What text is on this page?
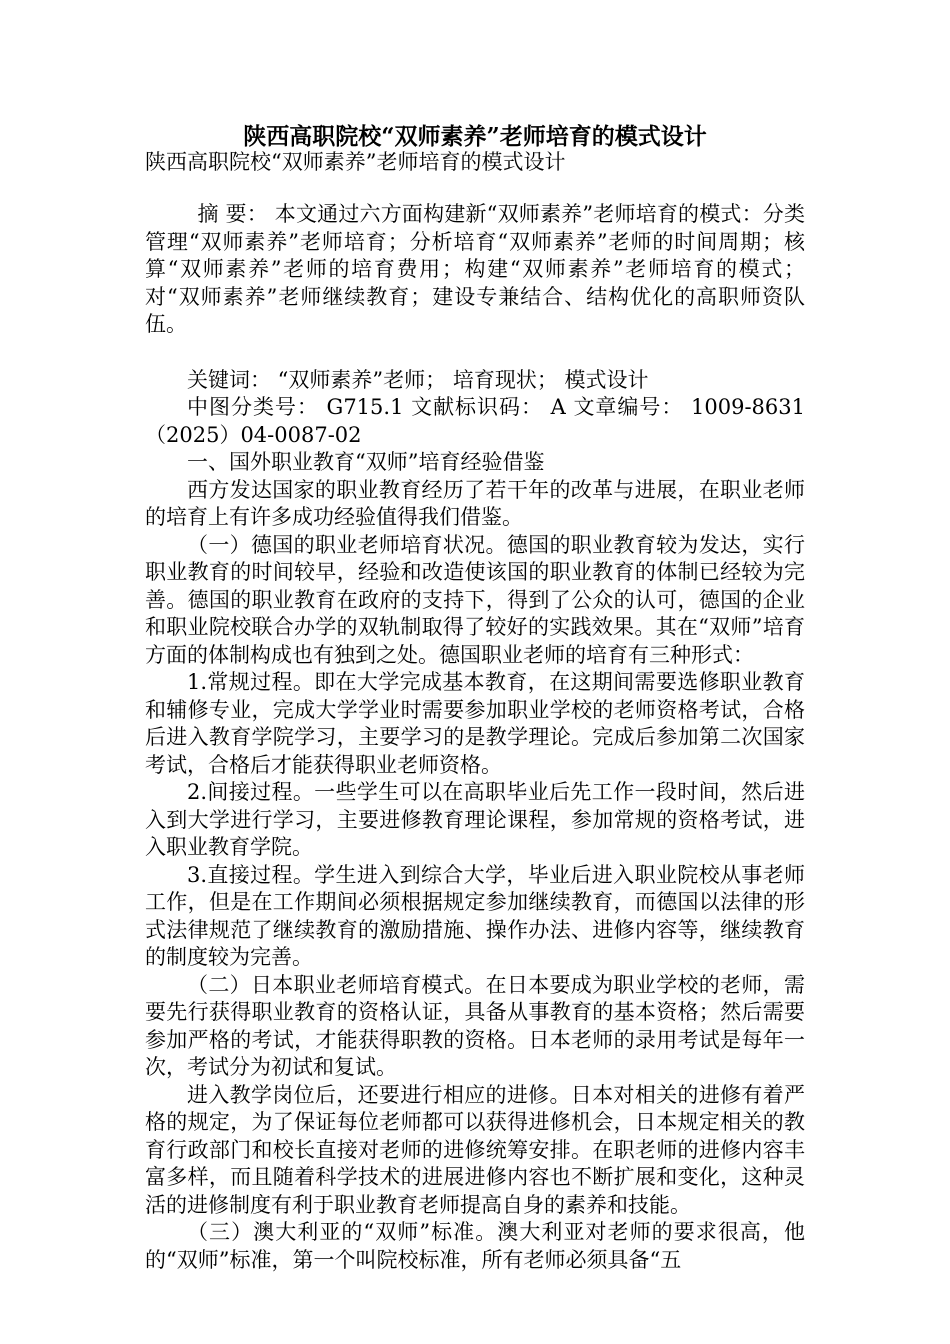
陕西高职院校“双师素养”老师培育的模式设计
陕西高职院校“双师素养”老师培育的模式设计

摘 要： 本文通过六方面构建新“双师素养”老师培育的模式：分类管理“双师素养”老师培育；分析培育“双师素养”老师的时间周期；核算“双师素养”老师的培育费用；构建“双师素养”老师培育的模式；对“双师素养”老师继续教育；建设专兼结合、结构优化的高职师资队伍。

关键词： “双师素养”老师； 培育现状； 模式设计

中图分类号： G715.1 文献标识码： A 文章编号： 1009-8631（2025）04-0087-02

一、国外职业教育“双师”培育经验借鉴

西方发达国家的职业教育经历了若干年的改革与进展，在职业老师的培育上有许多成功经验值得我们借鉴。

（一）德国的职业老师培育状况。德国的职业教育较为发达，实行职业教育的时间较早，经验和改造使该国的职业教育的体制已经较为完善。德国的职业教育在政府的支持下，得到了公众的认可，德国的企业和职业院校联合办学的双轨制取得了较好的实践效果。其在“双师”培育方面的体制构成也有独到之处。德国职业老师的培育有三种形式：

1.常规过程。即在大学完成基本教育，在这期间需要选修职业教育和辅修专业，完成大学学业时需要参加职业学校的老师资格考试，合格后进入教育学院学习，主要学习的是教学理论。完成后参加第二次国家考试，合格后才能获得职业老师资格。

2.间接过程。一些学生可以在高职毕业后先工作一段时间，然后进入到大学进行学习，主要进修教育理论课程，参加常规的资格考试，进入职业教育学院。

3.直接过程。学生进入到综合大学，毕业后进入职业院校从事老师工作，但是在工作期间必须根据规定参加继续教育，而德国以法律的形式法律规范了继续教育的激励措施、操作办法、进修内容等，继续教育的制度较为完善。

（二）日本职业老师培育模式。在日本要成为职业学校的老师，需要先行获得职业教育的资格认证，具备从事教育的基本资格；然后需要参加严格的考试，才能获得职教的资格。日本老师的录用考试是每年一次，考试分为初试和复试。

进入教学岗位后，还要进行相应的进修。日本对相关的进修有着严格的规定，为了保证每位老师都可以获得进修机会，日本规定相关的教育行政部门和校长直接对老师的进修统筹安排。在职老师的进修内容丰富多样，而且随着科学技术的进展进修内容也不断扩展和变化，这种灵活的进修制度有利于职业教育老师提高自身的素养和技能。

（三）澳大利亚的“双师”标准。澳大利亚对老师的要求很高，他的“双师”标准，第一个叫院校标准，所有老师必须具备“五
